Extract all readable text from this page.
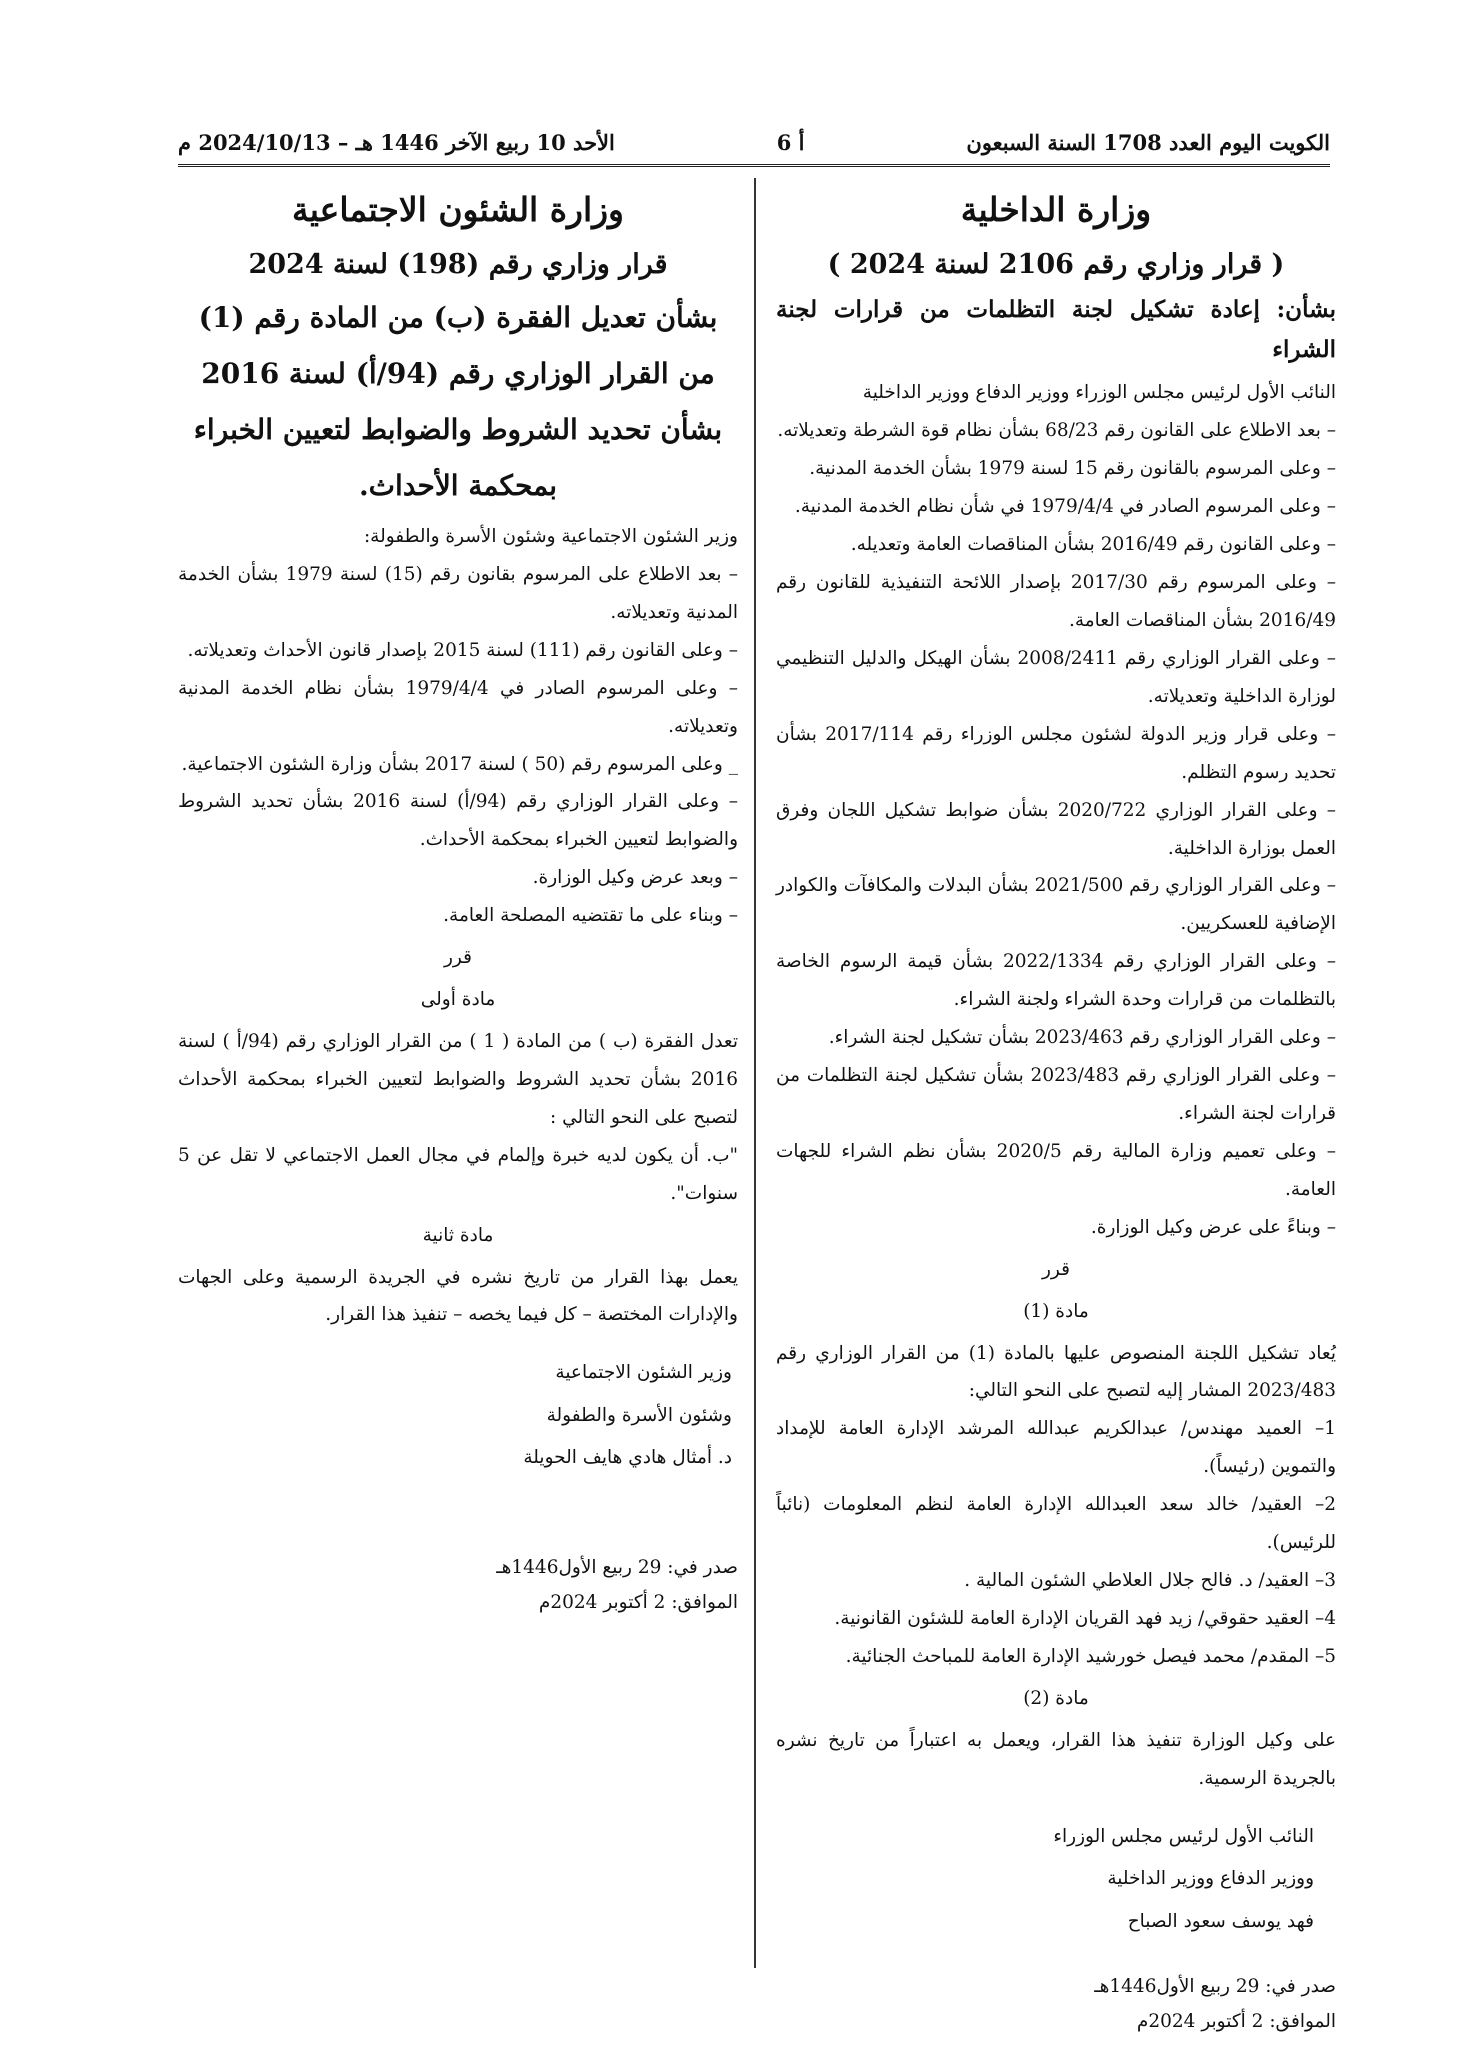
الكويت اليوم العدد 1708 السنة السبعون
أ 6
الأحد 10 ربيع الآخر 1446 هـ – 2024/10/13 م
وزارة الداخلية
( قرار وزاري رقم 2106 لسنة 2024 )
بشأن: إعادة تشكيل لجنة التظلمات من قرارات لجنة الشراء

النائب الأول لرئيس مجلس الوزراء ووزير الدفاع ووزير الداخلية

– بعد الاطلاع على القانون رقم 68/23 بشأن نظام قوة الشرطة وتعديلاته.

– وعلى المرسوم بالقانون رقم 15 لسنة 1979 بشأن الخدمة المدنية.

– وعلى المرسوم الصادر في 1979/4/4 في شأن نظام الخدمة المدنية.

– وعلى القانون رقم 2016/49 بشأن المناقصات العامة وتعديله.

– وعلى المرسوم رقم 2017/30 بإصدار اللائحة التنفيذية للقانون رقم 2016/49 بشأن المناقصات العامة.

– وعلى القرار الوزاري رقم 2008/2411 بشأن الهيكل والدليل التنظيمي لوزارة الداخلية وتعديلاته.

– وعلى قرار وزير الدولة لشئون مجلس الوزراء رقم 2017/114 بشأن تحديد رسوم التظلم.

– وعلى القرار الوزاري 2020/722 بشأن ضوابط تشكيل اللجان وفرق العمل بوزارة الداخلية.

– وعلى القرار الوزاري رقم 2021/500 بشأن البدلات والمكافآت والكوادر الإضافية للعسكريين.

– وعلى القرار الوزاري رقم 2022/1334 بشأن قيمة الرسوم الخاصة بالتظلمات من قرارات وحدة الشراء ولجنة الشراء.

– وعلى القرار الوزاري رقم 2023/463 بشأن تشكيل لجنة الشراء.

– وعلى القرار الوزاري رقم 2023/483 بشأن تشكيل لجنة التظلمات من قرارات لجنة الشراء.

– وعلى تعميم وزارة المالية رقم 2020/5 بشأن نظم الشراء للجهات العامة.

– وبناءً على عرض وكيل الوزارة.

قرر
مادة (1)

يُعاد تشكيل اللجنة المنصوص عليها بالمادة (1) من القرار الوزاري رقم 2023/483 المشار إليه لتصبح على النحو التالي:

1– العميد مهندس/ عبدالكريم عبدالله المرشد الإدارة العامة للإمداد والتموين (رئيساً).

2– العقيد/ خالد سعد العبدالله الإدارة العامة لنظم المعلومات (نائباً للرئيس).

3– العقيد/ د. فالح جلال العلاطي الشئون المالية .

4– العقيد حقوقي/ زيد فهد القريان الإدارة العامة للشئون القانونية.

5– المقدم/ محمد فيصل خورشيد الإدارة العامة للمباحث الجنائية.

مادة (2)

على وكيل الوزارة تنفيذ هذا القرار، ويعمل به اعتباراً من تاريخ نشره بالجريدة الرسمية.

النائب الأول لرئيس مجلس الوزراء
ووزير الدفاع ووزير الداخلية
فهد يوسف سعود الصباح
صدر في: 29 ربيع الأول1446هـ
الموافق: 2 أكتوبر 2024م
وزارة الشئون الاجتماعية
قرار وزاري رقم (198) لسنة 2024
بشأن تعديل الفقرة (ب) من المادة رقم (1) من القرار الوزاري رقم (94/أ) لسنة 2016 بشأن تحديد الشروط والضوابط لتعيين الخبراء بمحكمة الأحداث.

وزير الشئون الاجتماعية وشئون الأسرة والطفولة:

– بعد الاطلاع على المرسوم بقانون رقم (15) لسنة 1979 بشأن الخدمة المدنية وتعديلاته.

– وعلى القانون رقم (111) لسنة 2015 بإصدار قانون الأحداث وتعديلاته.

– وعلى المرسوم الصادر في 1979/4/4 بشأن نظام الخدمة المدنية وتعديلاته.

_ وعلى المرسوم رقم (50 ) لسنة 2017 بشأن وزارة الشئون الاجتماعية.

– وعلى القرار الوزاري رقم (94/أ) لسنة 2016 بشأن تحديد الشروط والضوابط لتعيين الخبراء بمحكمة الأحداث.

– وبعد عرض وكيل الوزارة.

– وبناء على ما تقتضيه المصلحة العامة.

قرر
مادة أولى

تعدل الفقرة (ب ) من المادة ( 1 ) من القرار الوزاري رقم (94/أ ) لسنة 2016 بشأن تحديد الشروط والضوابط لتعيين الخبراء بمحكمة الأحداث لتصبح على النحو التالي :

"ب. أن يكون لديه خبرة وإلمام في مجال العمل الاجتماعي لا تقل عن 5 سنوات".

مادة ثانية

يعمل بهذا القرار من تاريخ نشره في الجريدة الرسمية وعلى الجهات والإدارات المختصة – كل فيما يخصه – تنفيذ هذا القرار.

وزير الشئون الاجتماعية
وشئون الأسرة والطفولة
د. أمثال هادي هايف الحويلة
صدر في: 29 ربيع الأول1446هـ
الموافق: 2 أكتوبر 2024م
